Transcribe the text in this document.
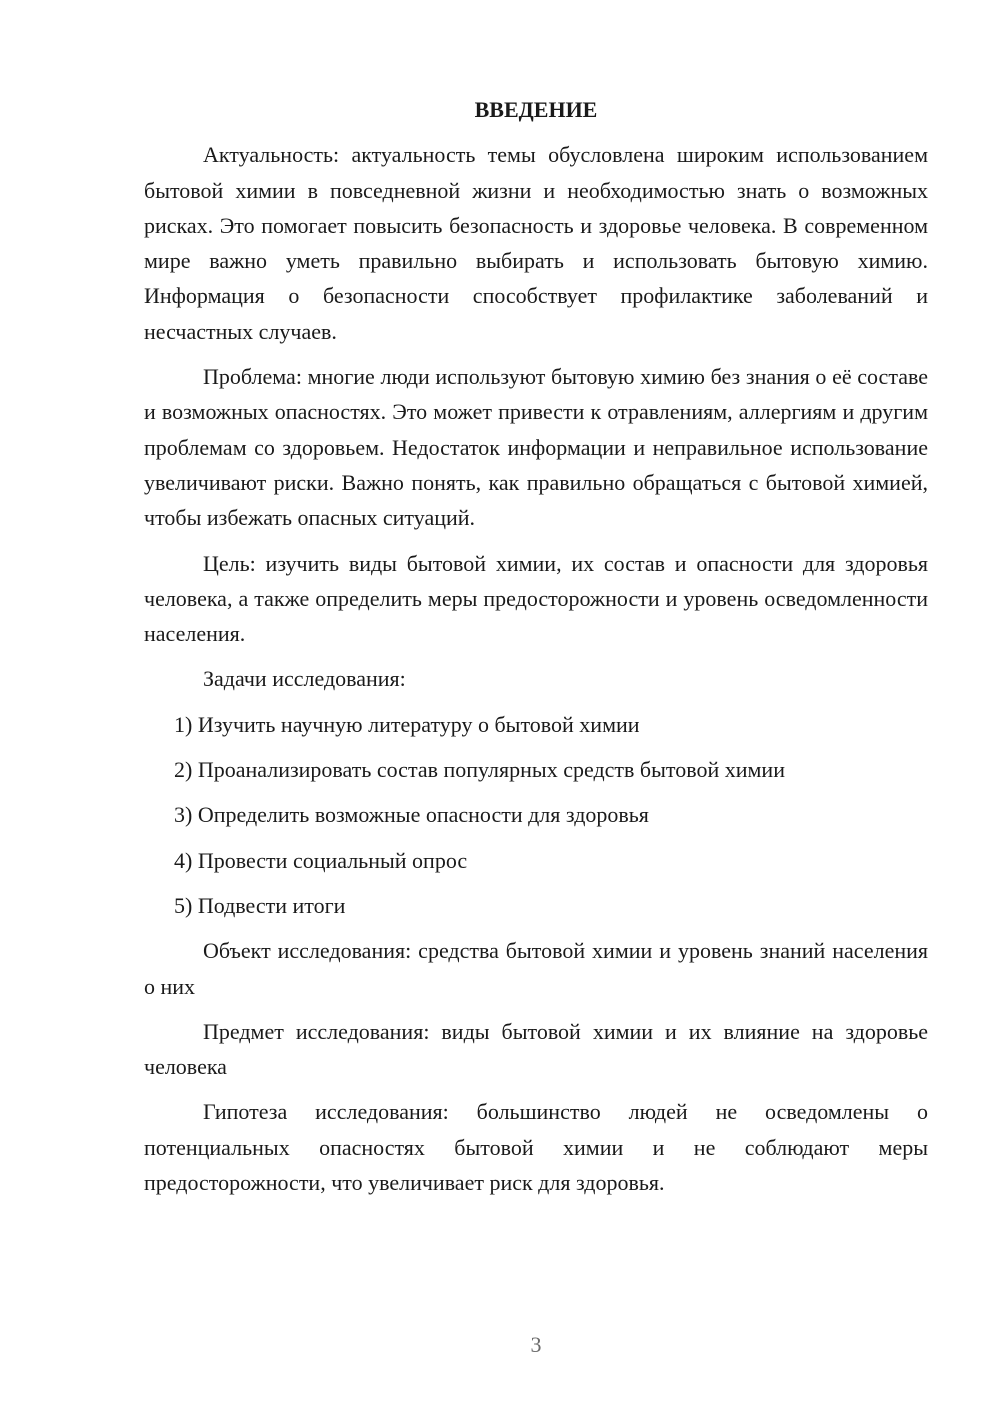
ВВЕДЕНИЕ

Актуальность: актуальность темы обусловлена широким использованием бытовой химии в повседневной жизни и необходимостью знать о возможных рисках. Это помогает повысить безопасность и здоровье человека. В современном мире важно уметь правильно выбирать и использовать бытовую химию. Информация о безопасности способствует профилактике заболеваний и несчастных случаев.

Проблема: многие люди используют бытовую химию без знания о её составе и возможных опасностях. Это может привести к отравлениям, аллергиям и другим проблемам со здоровьем. Недостаток информации и неправильное использование увеличивают риски. Важно понять, как правильно обращаться с бытовой химией, чтобы избежать опасных ситуаций.

Цель: изучить виды бытовой химии, их состав и опасности для здоровья человека, а также определить меры предосторожности и уровень осведомленности населения.

Задачи исследования:

1) Изучить научную литературу о бытовой химии
2) Проанализировать состав популярных средств бытовой химии
3) Определить возможные опасности для здоровья
4) Провести социальный опрос
5) Подвести итоги

Объект исследования: средства бытовой химии и уровень знаний населения о них

Предмет исследования: виды бытовой химии и их влияние на здоровье человека

Гипотеза исследования: большинство людей не осведомлены о потенциальных опасностях бытовой химии и не соблюдают меры предосторожности, что увеличивает риск для здоровья.

3
